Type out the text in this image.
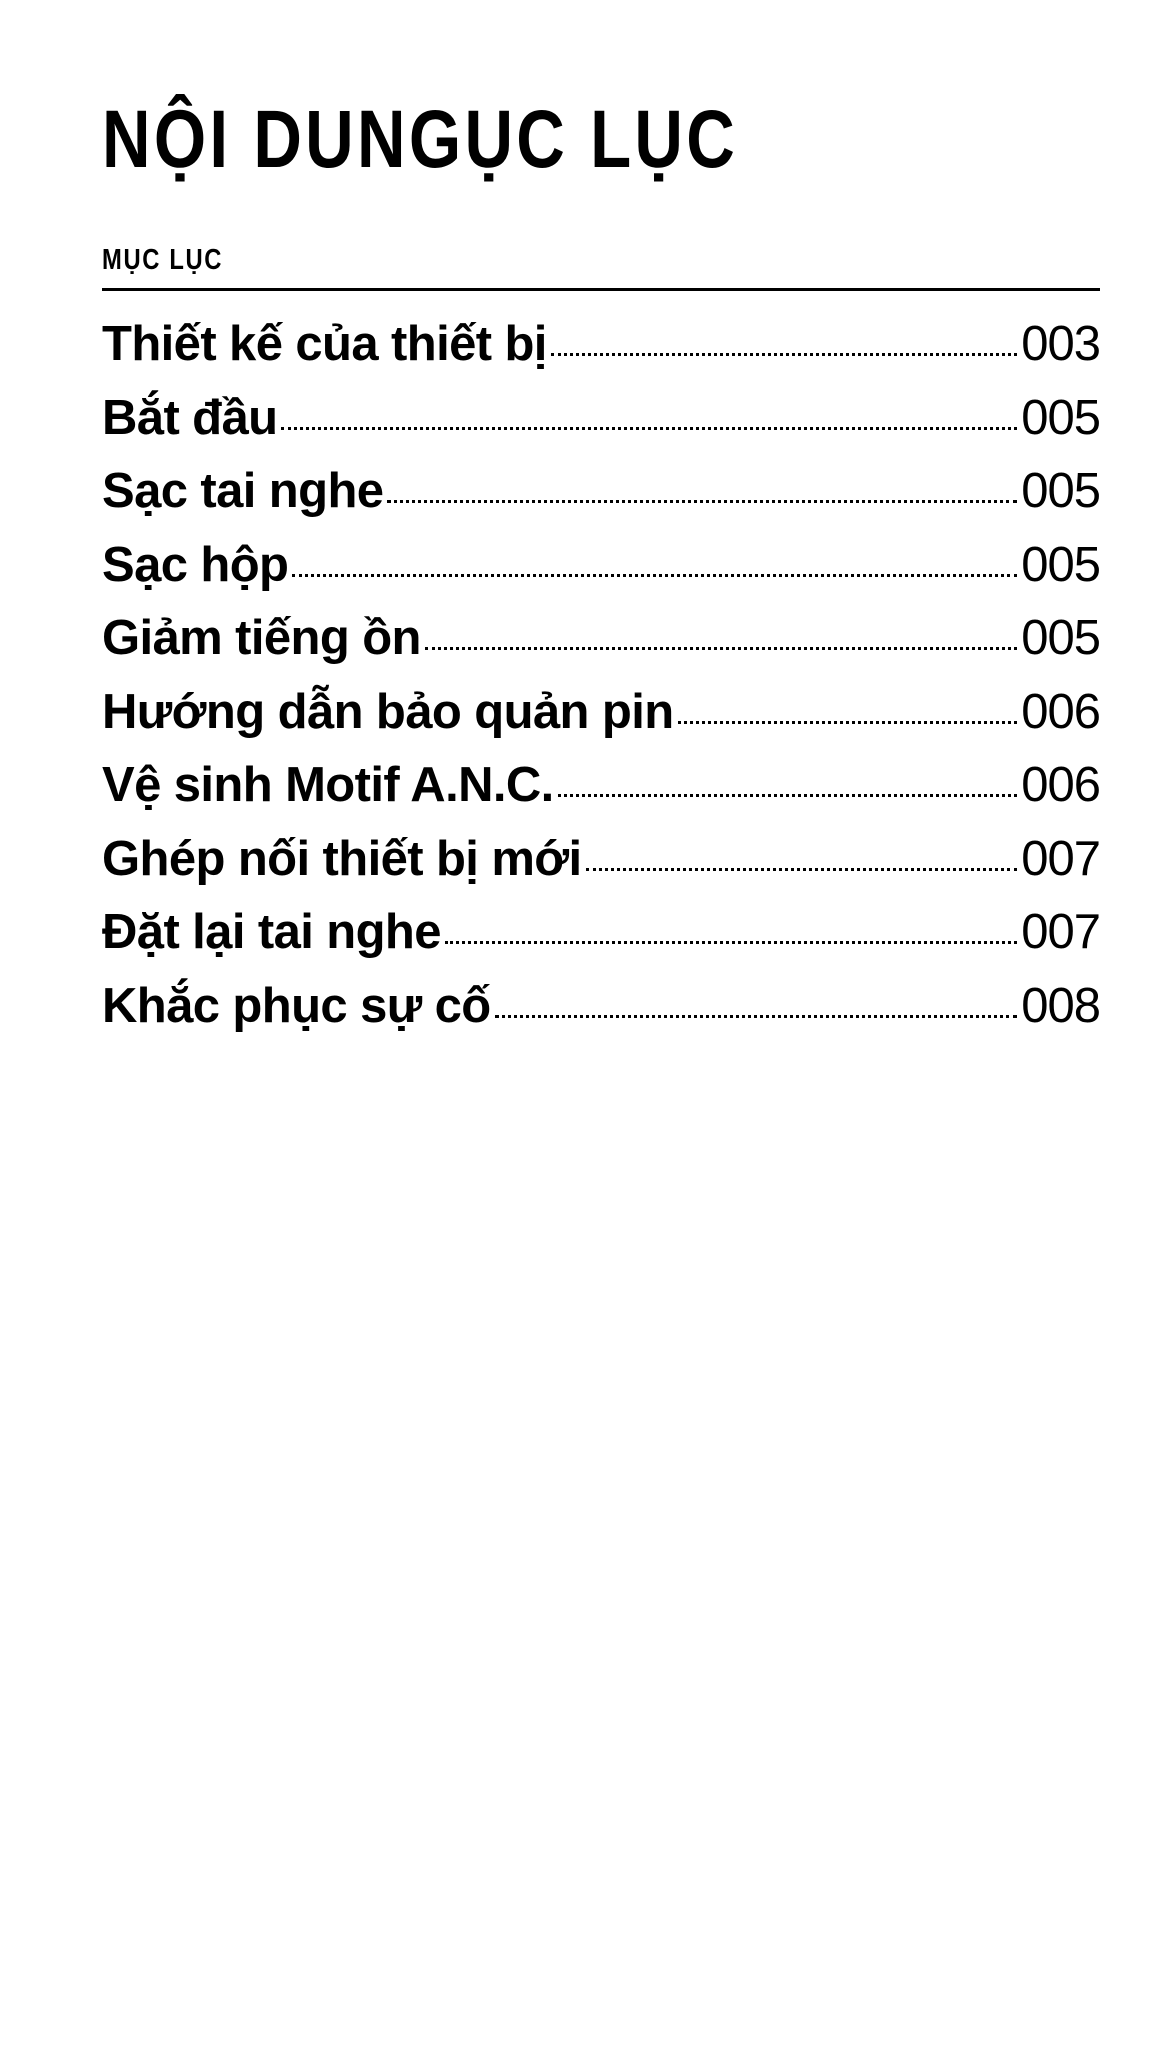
NỘI DUNGỤC LỤC
MỤC LỤC
Thiết kế của thiết bị	003
Bắt đầu	005
Sạc tai nghe	005
Sạc hộp	005
Giảm tiếng ồn	005
Hướng dẫn bảo quản pin	006
Vệ sinh Motif A.N.C.	006
Ghép nối thiết bị mới	007
Đặt lại tai nghe	007
Khắc phục sự cố	008
